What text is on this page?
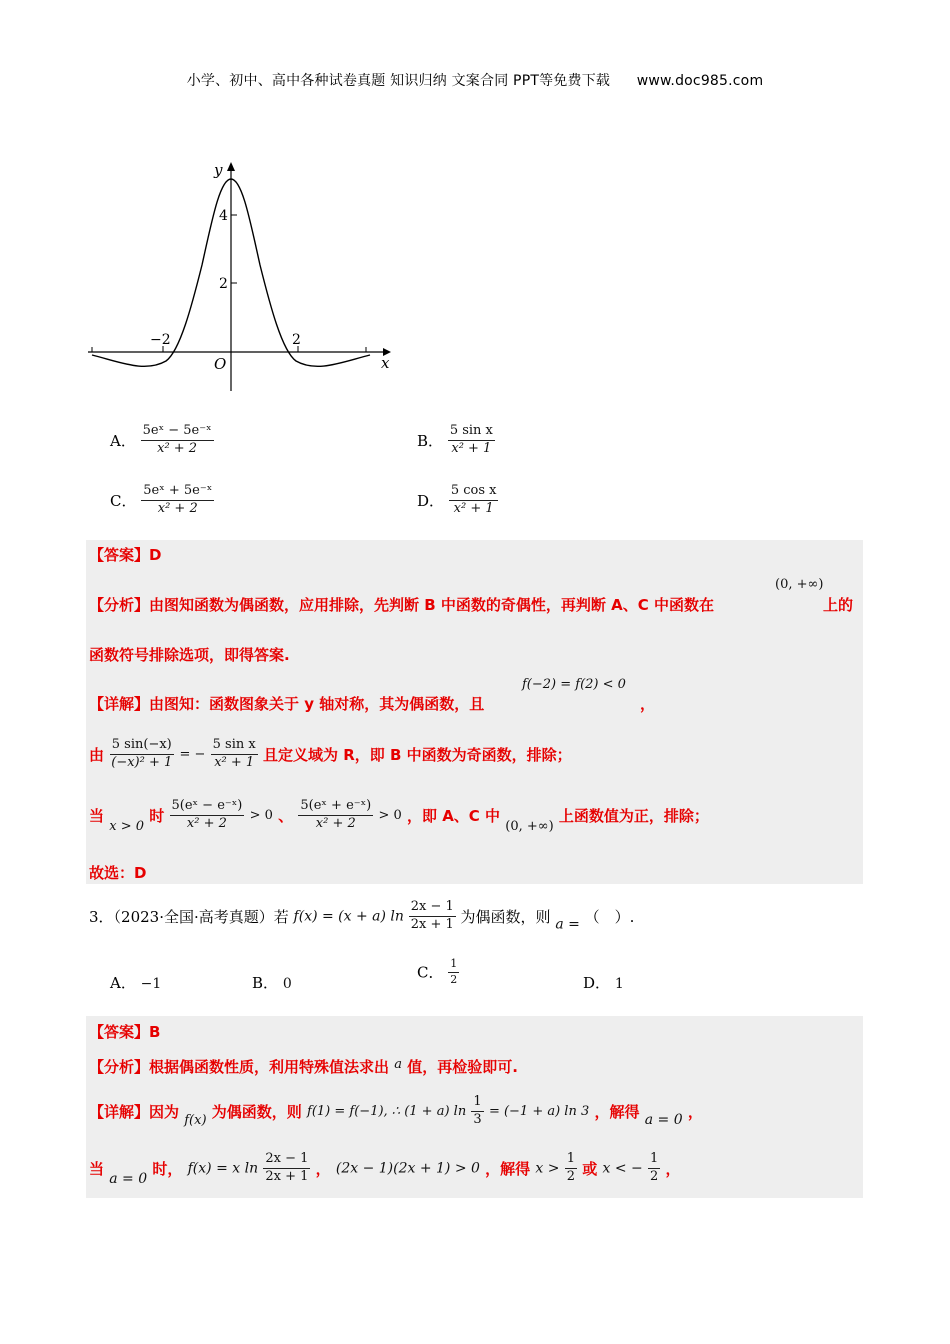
小学、初中、高中各种试卷真题 知识归纳 文案合同 PPT等免费下载 www.doc985.com
y
x
O
4
2
−2	2
A． $\frac{\text{5eˣ − 5e⁻ˣ}}{\text{x² + 2}}$	B． $\frac{\text{5 sin x}}{\text{x² + 1}}$
C． $\frac{\text{5eˣ + 5e⁻ˣ}}{\text{x² + 2}}$	D． $\frac{\text{5 cos x}}{\text{x² + 1}}$
【答案】D
【分析】由图知函数为偶函数，应用排除，先判断 B 中函数的奇偶性，再判断 A、C 中函数在
(0, +∞)
上的
函数符号排除选项，即得答案.
【详解】由图知：函数图象关于 y 轴对称，其为偶函数，且
f(−2) = f(2) < 0
，
由 $\frac{5 \sin(-x)}{\text{(−x)² + 1}}$ = − $\frac{\text{5 sin x}}{\text{x² + 1}}$ 且定义域为 R，即 B 中函数为奇函数，排除；
当 x > 0 时 $\frac{\text{5(eˣ − e⁻ˣ)}}{\text{x² + 2}} > 0$ 、 $\frac{\text{5(eˣ + e⁻ˣ)}}{\text{x² + 2}} > 0$ ，即 A、C 中 (0, +∞) 上函数值为正，排除；
故选：D
3．（2023·全国·高考真题）若 f(x) = (x + a) $\ln \frac{2x - 1}{2x + 1}$ 为偶函数，则 a = （　）.
A． −1	B． 0
C． $\frac{1}{2}$	D． 1
【答案】B
【分析】根据偶函数性质，利用特殊值法求出 a 值，再检验即可.
【详解】因为 f(x) 为偶函数，则 f(1) = f(−1), ∴ (1 + a) $\ln \frac{1}{3} = (-1 + a)$ ln 3 ，解得 a = 0 ，
当 a = 0 时， f(x) = x $\ln \frac{2x - 1}{2x + 1}$ ， (2x − 1)(2x + 1) > 0 ，解得 $x > \frac{1}{2}$ 或 x < − $\frac{1}{2}$ ，
